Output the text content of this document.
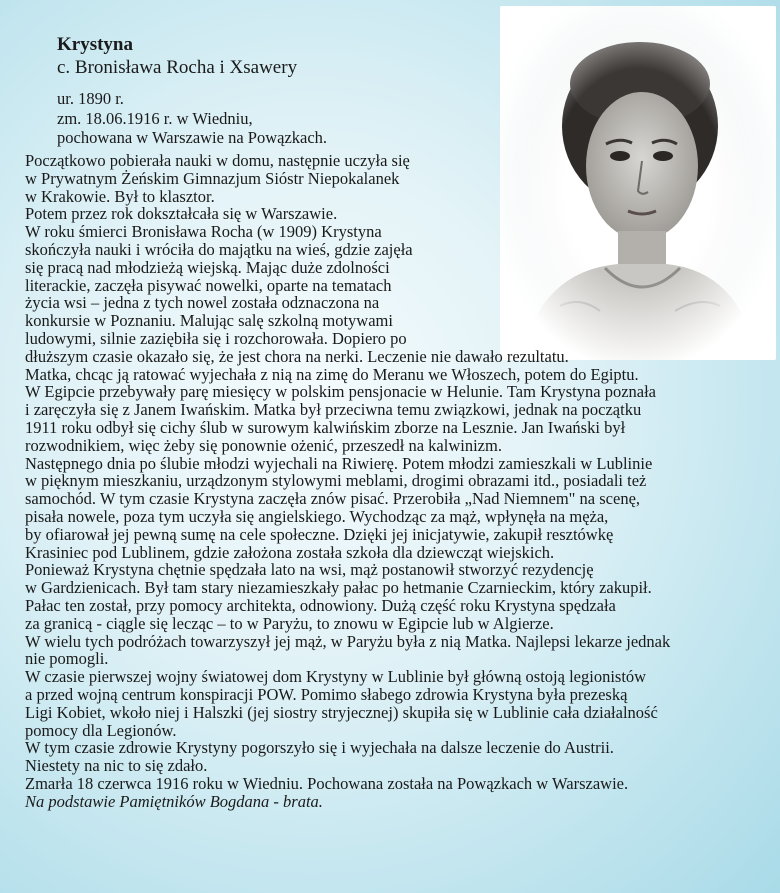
Krystyna
c. Bronisława Rocha i Xsawery
ur. 1890 r.
zm. 18.06.1916 r. w Wiedniu,
pochowana w Warszawie na Powązkach.
Początkowo pobierała nauki w domu, następnie uczyła się
w Prywatnym Żeńskim Gimnazjum Sióstr Niepokalanek
w Krakowie. Był to klasztor.
Potem przez rok dokształcała się w Warszawie.
W roku śmierci Bronisława Rocha (w 1909) Krystyna
skończyła nauki i wróciła do majątku na wieś, gdzie zajęła
się pracą nad młodzieżą wiejską. Mając duże zdolności
literackie, zaczęła pisywać nowelki, oparte na tematach
życia wsi – jedna z tych nowel została odznaczona na
konkursie w Poznaniu. Malując salę szkolną motywami
ludowymi, silnie zaziębiła się i rozchorowała. Dopiero po
dłuższym czasie okazało się, że jest chora na nerki. Leczenie nie dawało rezultatu.
Matka, chcąc ją ratować wyjechała z nią na zimę do Meranu we Włoszech, potem do Egiptu.
W Egipcie przebywały parę miesięcy w polskim pensjonacie w Helunie. Tam Krystyna poznała
i zaręczyła się z Janem Iwańskim. Matka był przeciwna temu związkowi, jednak na początku
1911 roku odbył się cichy ślub w surowym kalwińskim zborze na Lesznie. Jan Iwański był
rozwodnikiem, więc żeby się ponownie ożenić, przeszedł na kalwinizm.
Następnego dnia po ślubie młodzi wyjechali na Riwierę. Potem młodzi zamieszkali w Lublinie
w pięknym mieszkaniu, urządzonym stylowymi meblami, drogimi obrazami itd., posiadali też
samochód. W tym czasie Krystyna zaczęła znów pisać. Przerobiła „Nad Niemnem" na scenę,
pisała nowele, poza tym uczyła się angielskiego. Wychodząc za mąż, wpłynęła na męża,
by ofiarował jej pewną sumę na cele społeczne. Dzięki jej inicjatywie, zakupił resztówkę
Krasiniec pod Lublinem, gdzie założona została szkoła dla dziewcząt wiejskich.
Ponieważ Krystyna chętnie spędzała lato na wsi, mąż postanowił stworzyć rezydencję
w Gardzienicach. Był tam stary niezamieszkały pałac po hetmanie Czarnieckim, który zakupił.
Pałac ten został, przy pomocy architekta, odnowiony. Dużą część roku Krystyna spędzała
za granicą - ciągle się lecząc – to w Paryżu, to znowu w Egipcie lub w Algierze.
W wielu tych podróżach towarzyszył jej mąż, w Paryżu była z nią Matka. Najlepsi lekarze jednak
nie pomogli.
W czasie pierwszej wojny światowej dom Krystyny w Lublinie był główną ostoją legionistów
a przed wojną centrum konspiracji POW. Pomimo słabego zdrowia Krystyna była prezeską
Ligi Kobiet, wkoło niej i Halszki (jej siostry stryjecznej) skupiła się w Lublinie cała działalność
pomocy dla Legionów.
W tym czasie zdrowie Krystyny pogorszyło się i wyjechała na dalsze leczenie do Austrii.
Niestety na nic to się zdało.
Zmarła 18 czerwca 1916 roku w Wiedniu. Pochowana została na Powązkach w Warszawie.
Na podstawie Pamiętników Bogdana - brata.
